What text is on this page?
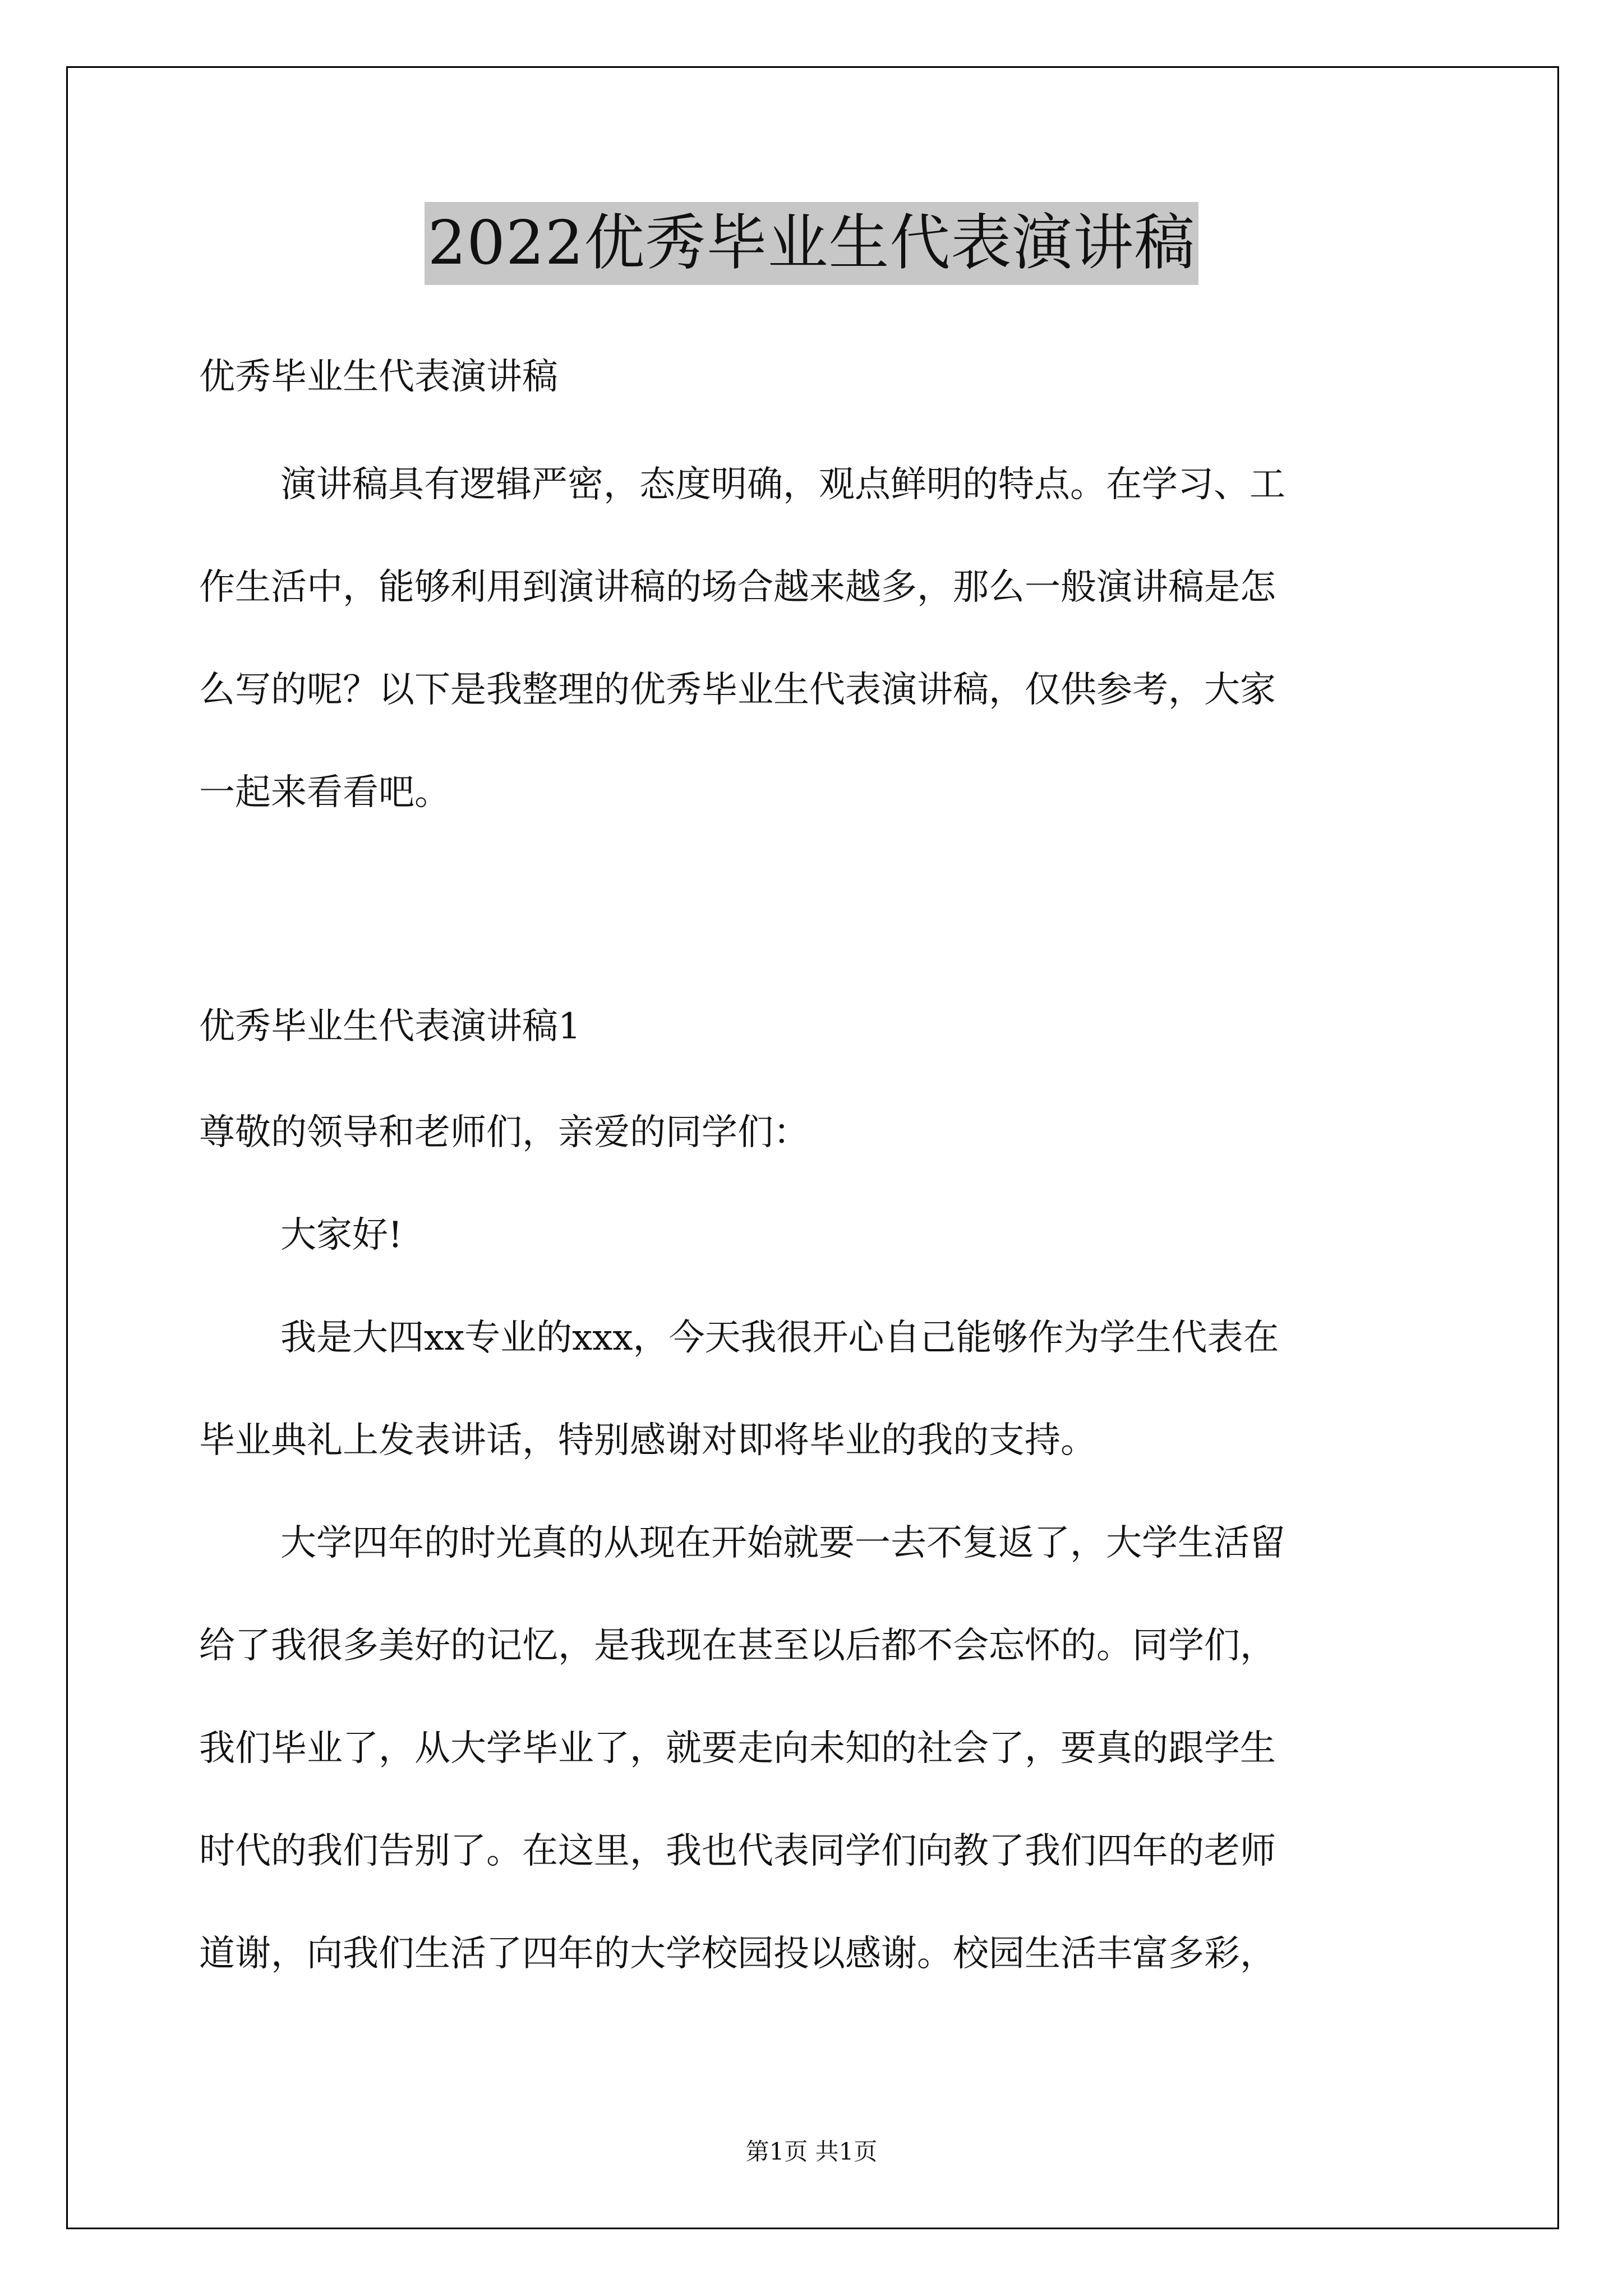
2022优秀毕业生代表演讲稿
优秀毕业生代表演讲稿
演讲稿具有逻辑严密，态度明确，观点鲜明的特点。在学习、工
作生活中，能够利用到演讲稿的场合越来越多，那么一般演讲稿是怎
么写的呢？以下是我整理的优秀毕业生代表演讲稿，仅供参考，大家
一起来看看吧。
优秀毕业生代表演讲稿1
尊敬的领导和老师们，亲爱的同学们：
大家好!
我是大四xx专业的xxx，今天我很开心自己能够作为学生代表在
毕业典礼上发表讲话，特别感谢对即将毕业的我的支持。
大学四年的时光真的从现在开始就要一去不复返了，大学生活留
给了我很多美好的记忆，是我现在甚至以后都不会忘怀的。同学们，
我们毕业了，从大学毕业了，就要走向未知的社会了，要真的跟学生
时代的我们告别了。在这里，我也代表同学们向教了我们四年的老师
道谢，向我们生活了四年的大学校园投以感谢。校园生活丰富多彩，
第1页 共1页
